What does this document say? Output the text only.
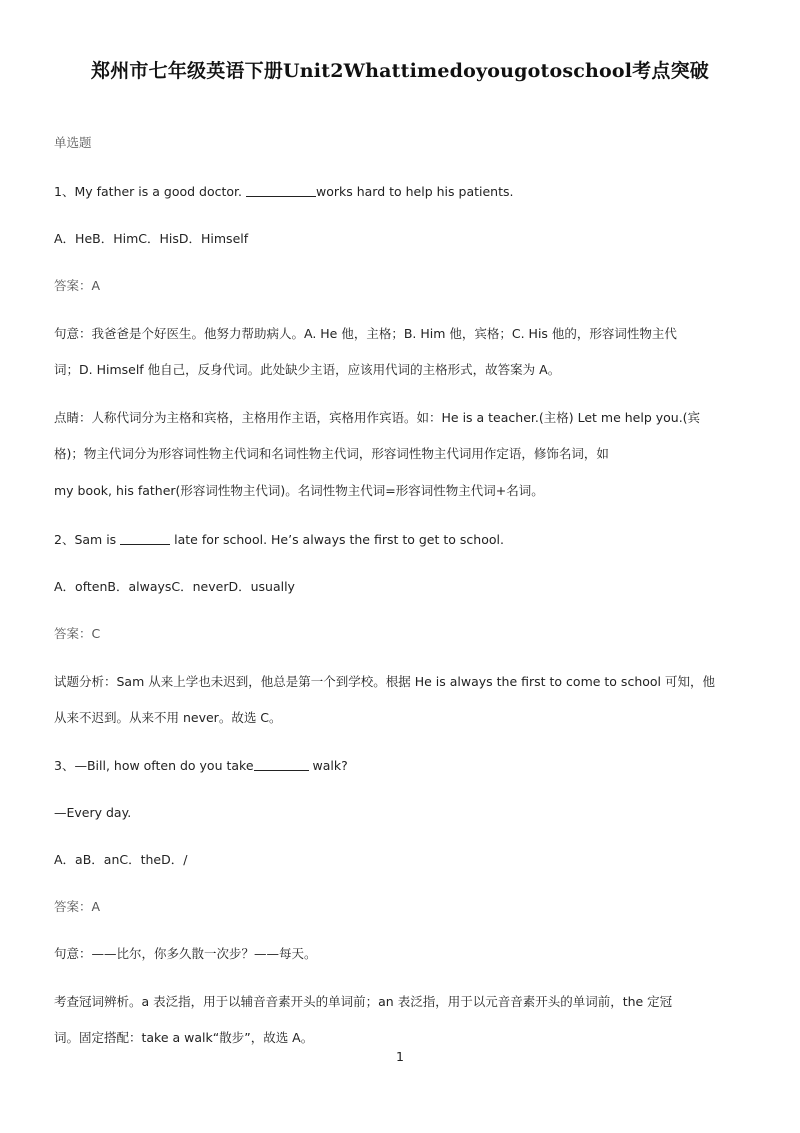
郑州市七年级英语下册Unit2Whattimedoyougotoschool考点突破
单选题
1、My father is a good doctor.	works hard to help his patients.
A．HeB．HimC．HisD．Himself
答案：A
句意：我爸爸是个好医生。他努力帮助病人。A. He 他，主格；B. Him 他，宾格；C. His 他的，形容词性物主代
词；D. Himself 他自己，反身代词。此处缺少主语，应该用代词的主格形式，故答案为 A。
点睛：人称代词分为主格和宾格，主格用作主语，宾格用作宾语。如：He is a teacher.(主格) Let me help you.(宾
格)；物主代词分为形容词性物主代词和名词性物主代词，形容词性物主代词用作定语，修饰名词，如
my book, his father(形容词性物主代词)。名词性物主代词=形容词性物主代词+名词。
2、Sam is	late for school. He’s always the first to get to school.
A．oftenB．alwaysC．neverD．usually
答案：C
试题分析：Sam 从来上学也未迟到，他总是第一个到学校。根据 He is always the first to come to school 可知，他
从来不迟到。从来不用 never。故选 C。
3、—Bill, how often do you take	walk?
—Every day.
A．aB．anC．theD．/
答案：A
句意：——比尔，你多久散一次步？——每天。
考查冠词辨析。a 表泛指，用于以辅音音素开头的单词前；an 表泛指，用于以元音音素开头的单词前，the 定冠
词。固定搭配：take a walk“散步”，故选 A。
1
